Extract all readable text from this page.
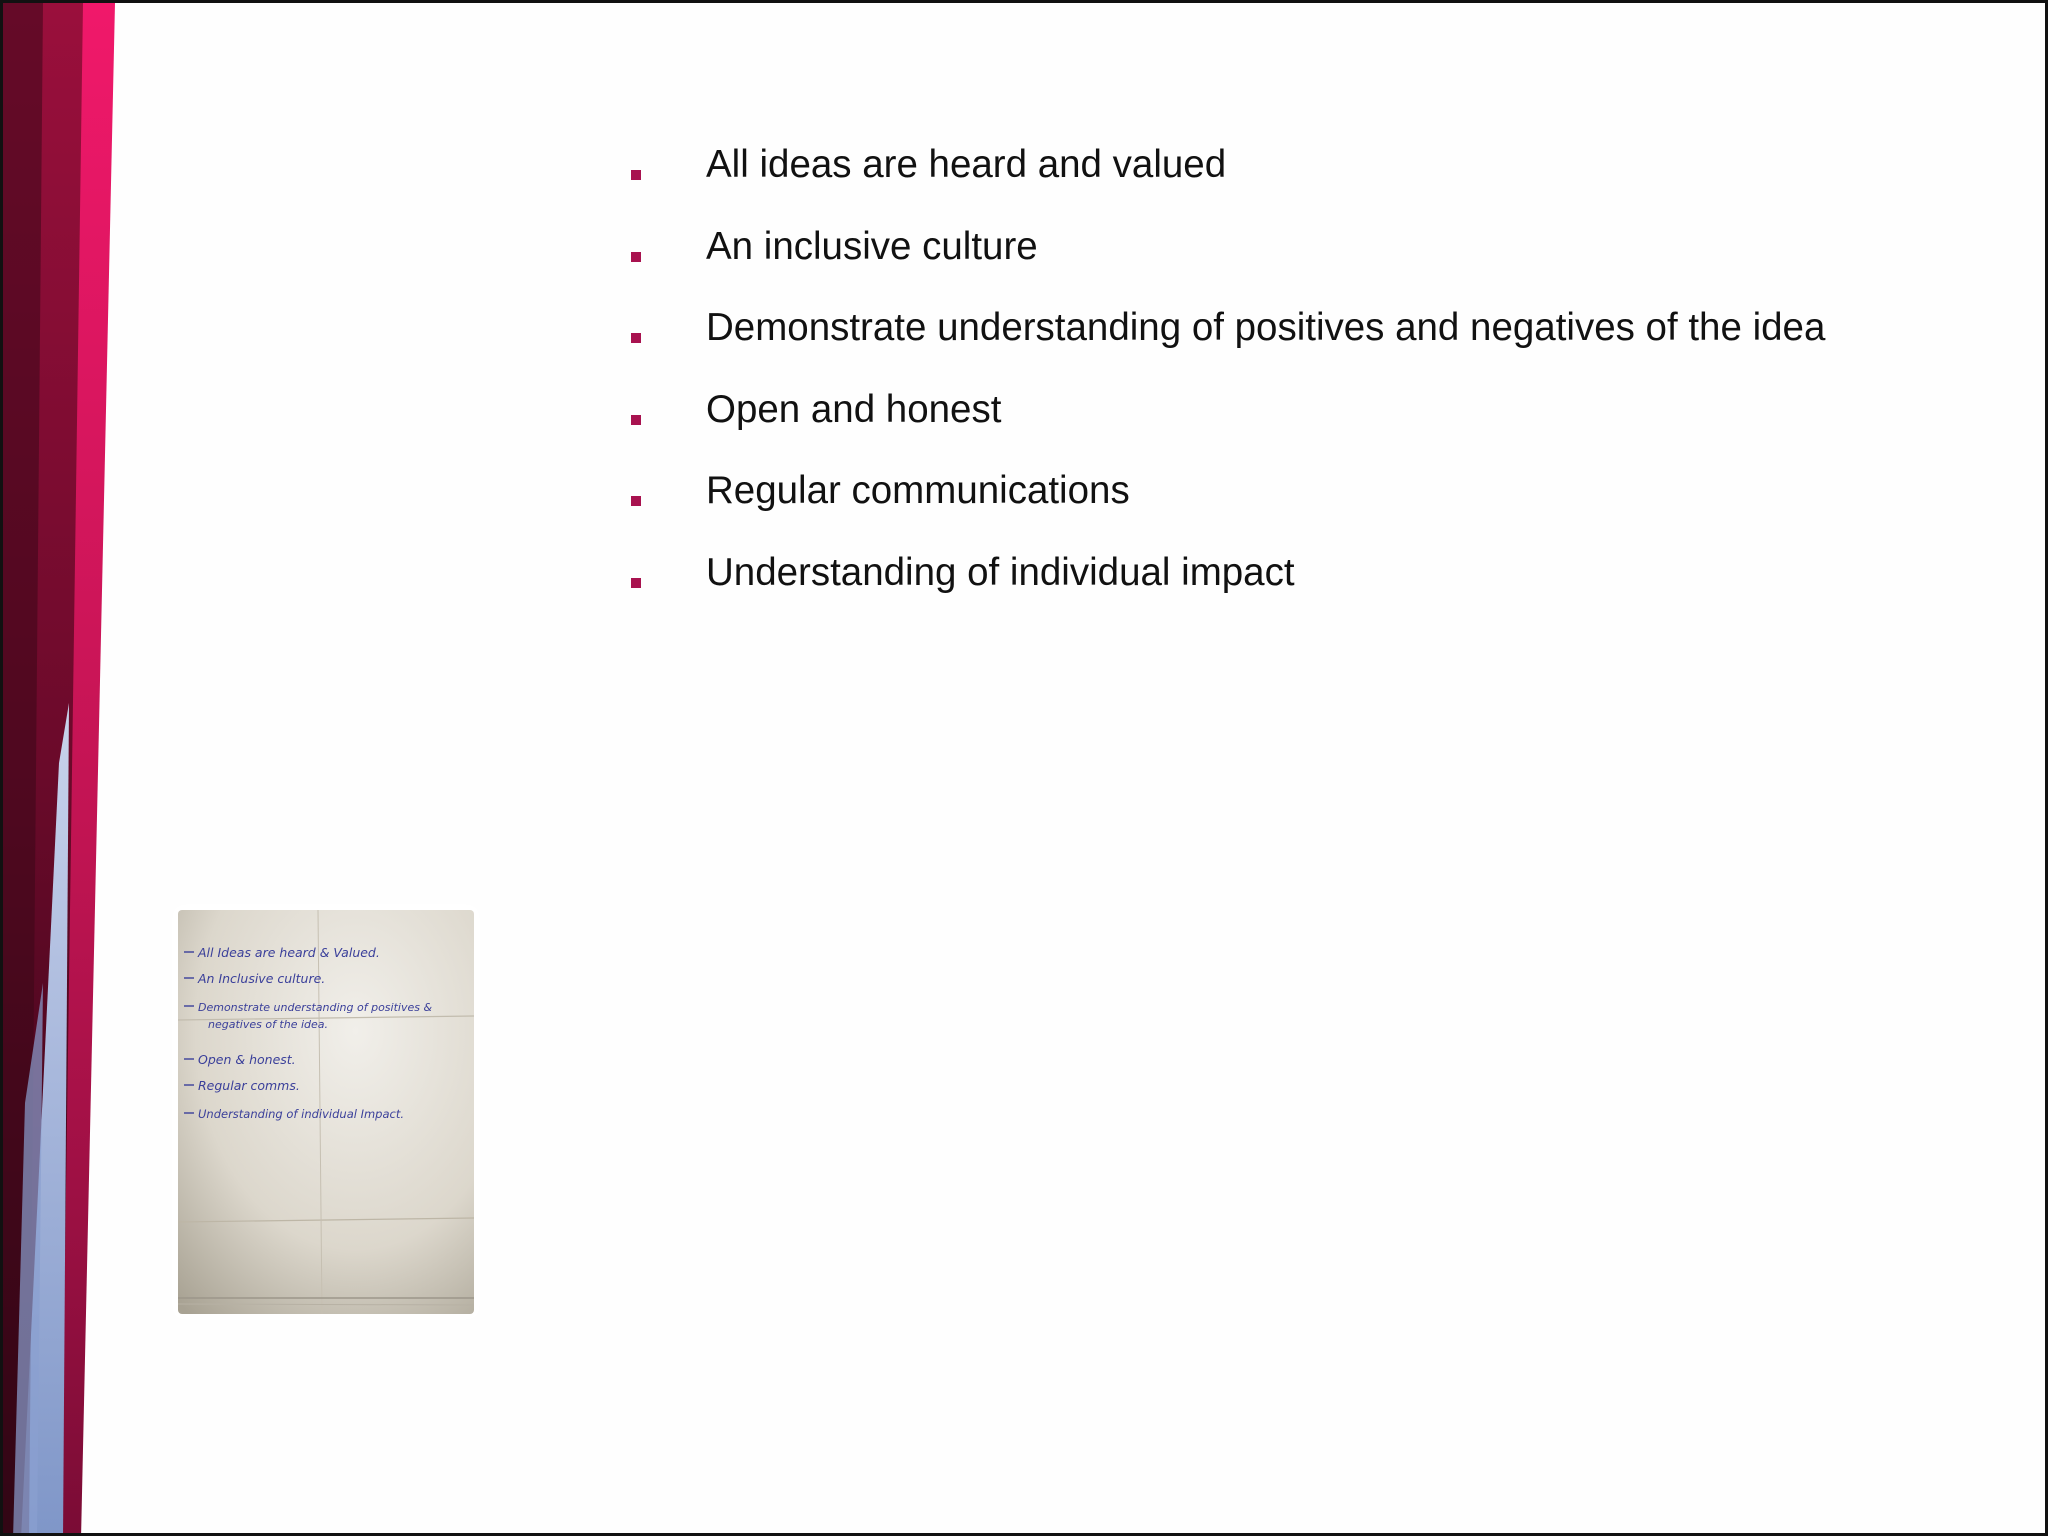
All ideas are heard and valued
An inclusive culture
Demonstrate understanding of positives and negatives of the idea
Open and honest
Regular communications
Understanding of individual impact
All Ideas are heard & Valued.
An Inclusive culture.
Demonstrate understanding of positives &
negatives of the idea.
Open & honest.
Regular comms.
Understanding of individual Impact.
